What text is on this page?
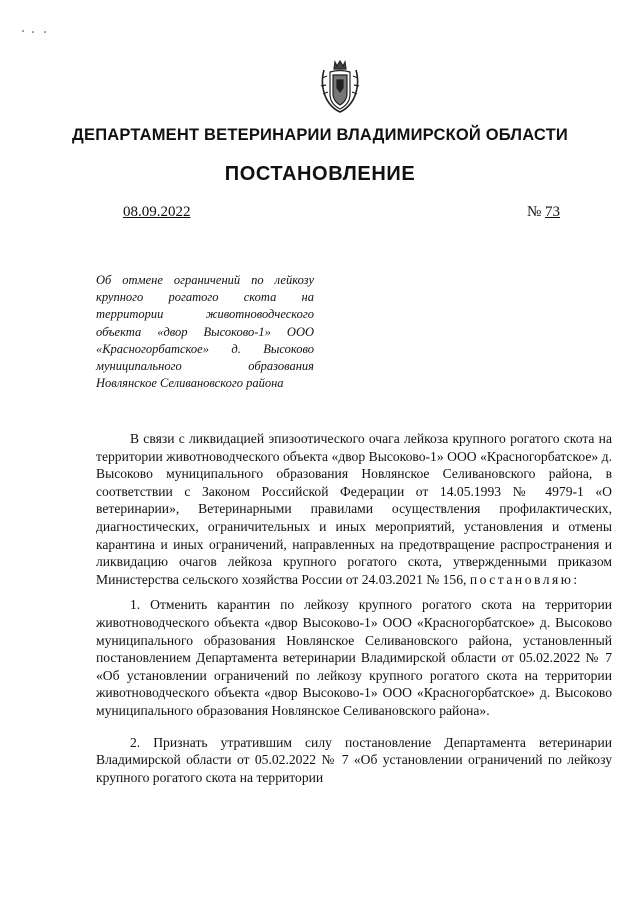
ДЕПАРТАМЕНТ ВЕТЕРИНАРИИ ВЛАДИМИРСКОЙ ОБЛАСТИ
ПОСТАНОВЛЕНИЕ
08.09.2022	№ 73
Об отмене ограничений по лейкозу крупного рогатого скота на территории животноводческого объекта «двор Высоково-1» ООО «Красногорбатское» д. Высоково муниципального образования Новлянское Селивановского района

В связи с ликвидацией эпизоотического очага лейкоза крупного рогатого скота на территории животноводческого объекта «двор Высоково-1» ООО «Красногорбатское» д. Высоково муниципального образования Новлянское Селивановского района, в соответствии с Законом Российской Федерации от 14.05.1993 № 4979-1 «О ветеринарии», Ветеринарными правилами осуществления профилактических, диагностических, ограничительных и иных мероприятий, установления и отмены карантина и иных ограничений, направленных на предотвращение распространения и ликвидацию очагов лейкоза крупного рогатого скота, утвержденными приказом Министерства сельского хозяйства России от 24.03.2021 № 156, постановляю:

1. Отменить карантин по лейкозу крупного рогатого скота на территории животноводческого объекта «двор Высоково-1» ООО «Красногорбатское» д. Высоково муниципального образования Новлянское Селивановского района, установленный постановлением Департамента ветеринарии Владимирской области от 05.02.2022 № 7 «Об установлении ограничений по лейкозу крупного рогатого скота на территории животноводческого объекта «двор Высоково-1» ООО «Красногорбатское» д. Высоково муниципального образования Новлянское Селивановского района».

2. Признать утратившим силу постановление Департамента ветеринарии Владимирской области от 05.02.2022 № 7 «Об установлении ограничений по лейкозу крупного рогатого скота на территории
